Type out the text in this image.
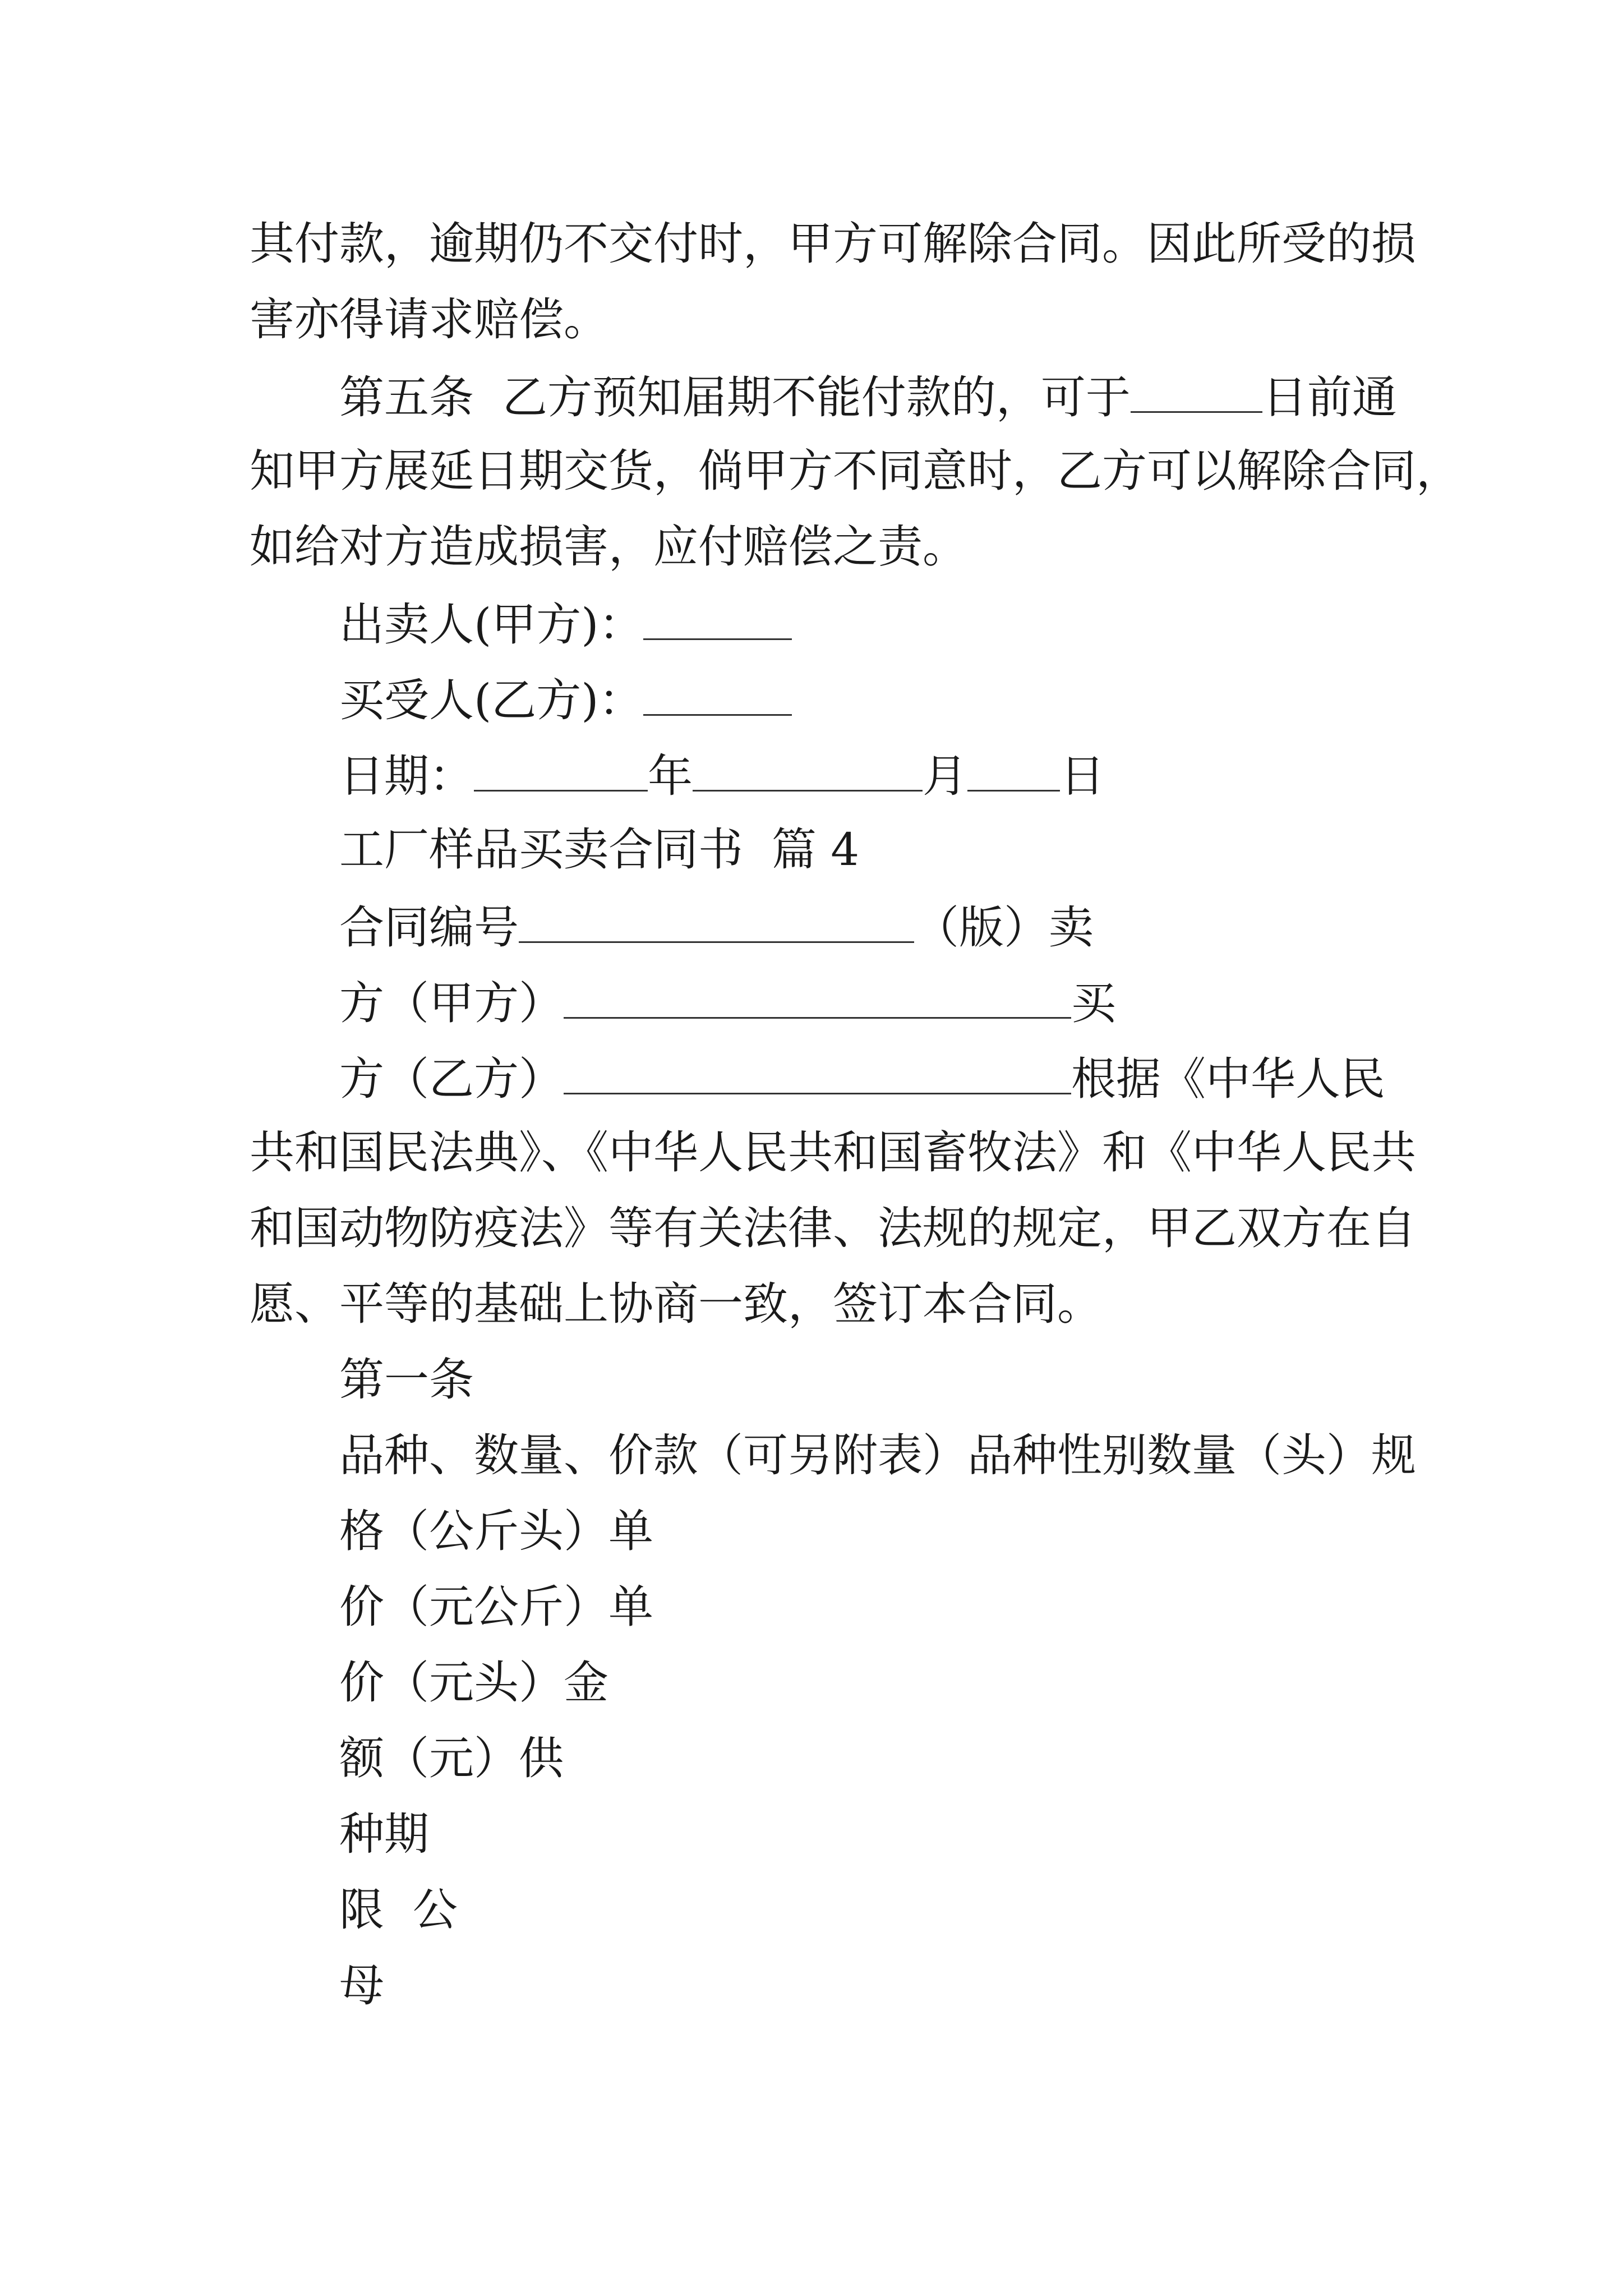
其付款，逾期仍不交付时，甲方可解除合同。因此所受的损
害亦得请求赔偿。
第五条  乙方预知届期不能付款的，可于	日前通
知甲方展延日期交货，倘甲方不同意时，乙方可以解除合同，
如给对方造成损害，应付赔偿之责。
出卖人(甲方)：
买受人(乙方)：
日期：	年	月 日
工厂样品买卖合同书  篇 4
合同编号	（版）卖
方（甲方）	买
方（乙方）	根据《中华人民
共和国民法典》、《中华人民共和国畜牧法》和《中华人民共
和国动物防疫法》等有关法律、法规的规定，甲乙双方在自
愿、平等的基础上协商一致，签订本合同。
第一条
品种、数量、价款（可另附表）品种性别数量（头）规
格（公斤头）单
价（元公斤）单
价（元头）金
额（元）供
种期
限  公
母
